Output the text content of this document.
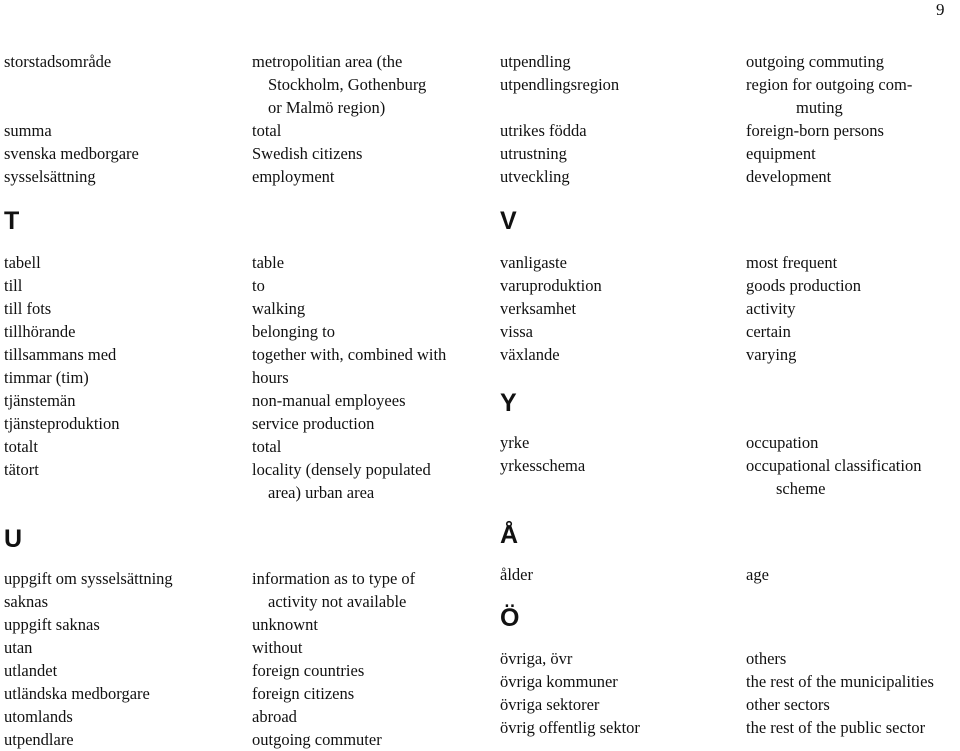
9
storstadsområde	metropolitian area (the
Stockholm, Gothenburg
or Malmö region)
summa	total
svenska medborgare	Swedish citizens
sysselsättning	employment
T
tabell	table
till	to
till fots	walking
tillhörande	belonging to
tillsammans med	together with, combined with
timmar (tim)	hours
tjänstemän	non-manual employees
tjänsteproduktion	service production
totalt	total
tätort	locality (densely populated
area) urban area
U
uppgift om sysselsättning	information as to type of
saknas	activity not available
uppgift saknas	unknownt
utan	without
utlandet	foreign countries
utländska medborgare	foreign citizens
utomlands	abroad
utpendlare	outgoing commuter
utpendling	outgoing commuting
utpendlingsregion	region for outgoing com-
muting
utrikes födda	foreign-born persons
utrustning	equipment
utveckling	development
V
vanligaste	most frequent
varuproduktion	goods production
verksamhet	activity
vissa	certain
växlande	varying
Y
yrke	occupation
yrkesschema	occupational classification
scheme
Å
ålder	age
Ö
övriga, övr	others
övriga kommuner	the rest of the municipalities
övriga sektorer	other sectors
övrig offentlig sektor	the rest of the public sector
